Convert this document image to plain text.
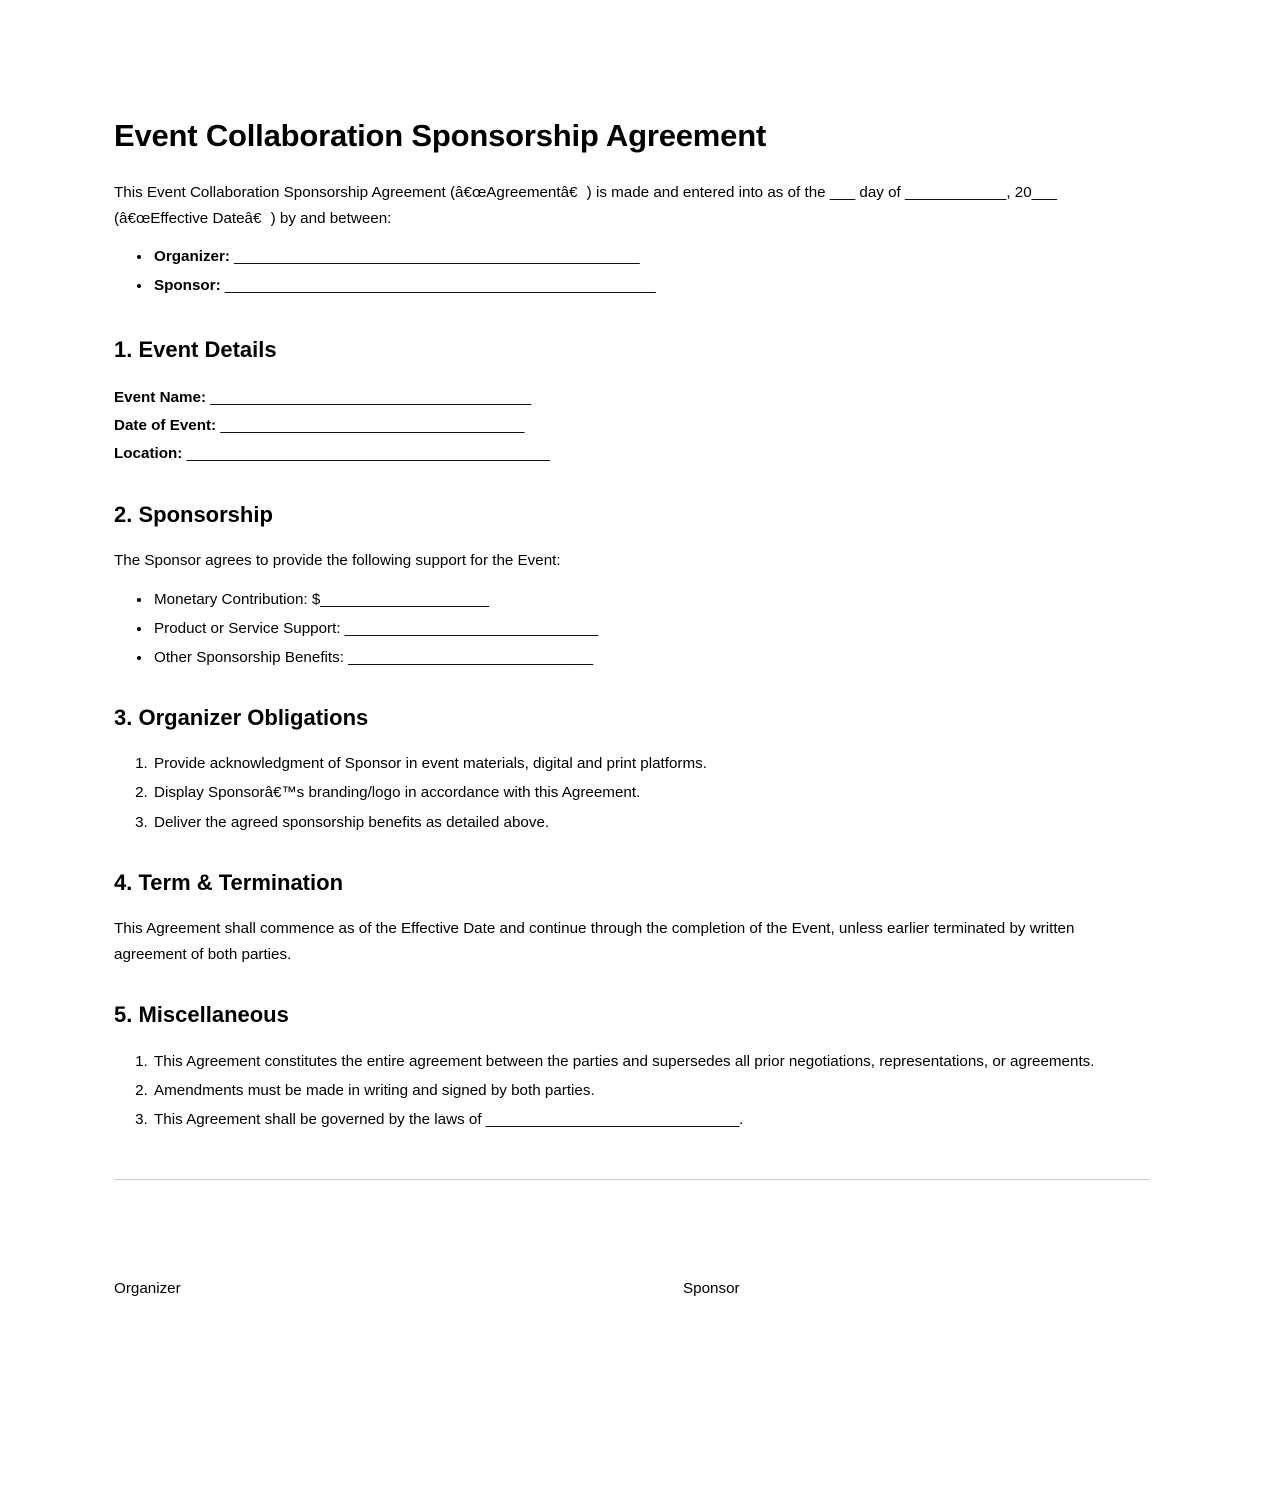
Event Collaboration Sponsorship Agreement

This Event Collaboration Sponsorship Agreement (â€œAgreementâ€) is made and entered into as of the ___ day of ____________, 20___ (â€œEffective Dateâ€) by and between:

• Organizer: ________________________________________________
• Sponsor: ___________________________________________________
1. Event Details
Event Name: ______________________________________
Date of Event: ____________________________________
Location: ___________________________________________
2. Sponsorship

The Sponsor agrees to provide the following support for the Event:

• Monetary Contribution: $____________________
• Product or Service Support: ______________________________
• Other Sponsorship Benefits: _____________________________
3. Organizer Obligations
1. Provide acknowledgment of Sponsor in event materials, digital and print platforms.
2. Display Sponsorâ€™s branding/logo in accordance with this Agreement.
3. Deliver the agreed sponsorship benefits as detailed above.
4. Term & Termination

This Agreement shall commence as of the Effective Date and continue through the completion of the Event, unless earlier terminated by written agreement of both parties.

5. Miscellaneous
1. This Agreement constitutes the entire agreement between the parties and supersedes all prior negotiations, representations, or agreements.
2. Amendments must be made in writing and signed by both parties.
3. This Agreement shall be governed by the laws of ______________________________.
Organizer	Sponsor
